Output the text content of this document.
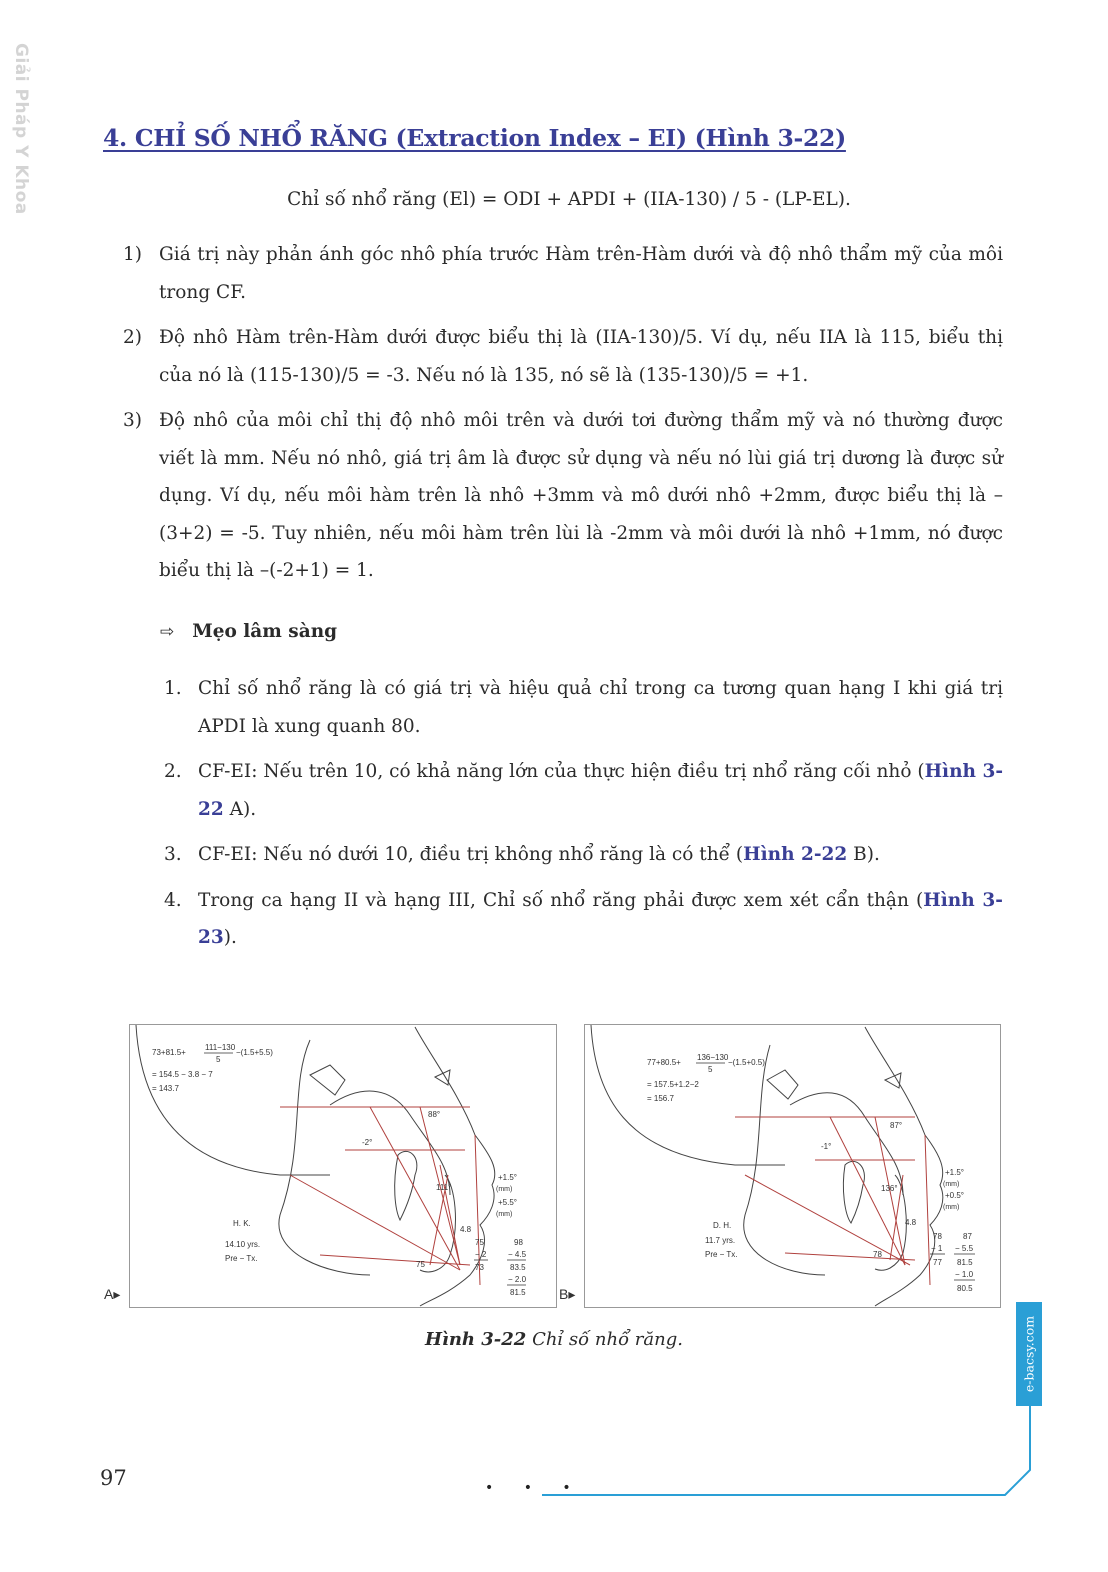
Giải Pháp Y Khoa	4. CHỈ SỐ NHỔ RĂNG (Extraction Index – EI) (Hình 3-22)
Chỉ số nhổ răng (El) = ODI + APDI + (IIA-130) / 5 - (LP-EL).
1) Giá trị này phản ánh góc nhô phía trước Hàm trên-Hàm dưới và độ nhô thẩm mỹ của môi trong CF.
2) Độ nhô Hàm trên-Hàm dưới được biểu thị là (IIA-130)/5. Ví dụ, nếu IIA là 115, biểu thị của nó là (115-130)/5 = -3. Nếu nó là 135, nó sẽ là (135-130)/5 = +1.
3) Độ nhô của môi chỉ thị độ nhô môi trên và dưới tơi đường thẩm mỹ và nó thường được viết là mm. Nếu nó nhô, giá trị âm là được sử dụng và nếu nó lùi giá trị dương là được sử dụng. Ví dụ, nếu môi hàm trên là nhô +3mm và mô dưới nhô +2mm, được biểu thị là –(3+2) = -5. Tuy nhiên, nếu môi hàm trên lùi là -2mm và môi dưới là nhô +1mm, nó được biểu thị là –(-2+1) = 1.
⇨ Mẹo lâm sàng
1. Chỉ số nhổ răng là có giá trị và hiệu quả chỉ trong ca tương quan hạng I khi giá trị APDI là xung quanh 80.
2. CF-EI: Nếu trên 10, có khả năng lớn của thực hiện điều trị nhổ răng cối nhỏ (Hình 3-22 A).
3. CF-EI: Nếu nó dưới 10, điều trị không nhổ răng là có thể (Hình 2-22 B).
4. Trong ca hạng II và hạng III, Chỉ số nhổ răng phải được xem xét cẩn thận (Hình 3-23).
73+81.5+
111−130
5
−(1.5+5.5)
= 154.5 − 3.8 − 7
= 143.7
88°
-2°
111°
+1.5°
(mm)
+5.5°
(mm)
H. K.
14.10 yrs.
Pre − Tx.
4.8
75
75
− 2
73
98
− 4.5
83.5
− 2.0
81.5
A▸
77+80.5+
136−130
5
−(1.5+0.5)
= 157.5+1.2−2
= 156.7
87°
-1°
136°
+1.5°
(mm)
+0.5°
(mm)
D. H.
11.7 yrs.
Pre − Tx.
4.8
78
78
− 1
77
87
− 5.5
81.5
− 1.0
80.5
B▸
Hình 3-22 Chỉ số nhổ răng.	e-bacsy.com
97	• • •
